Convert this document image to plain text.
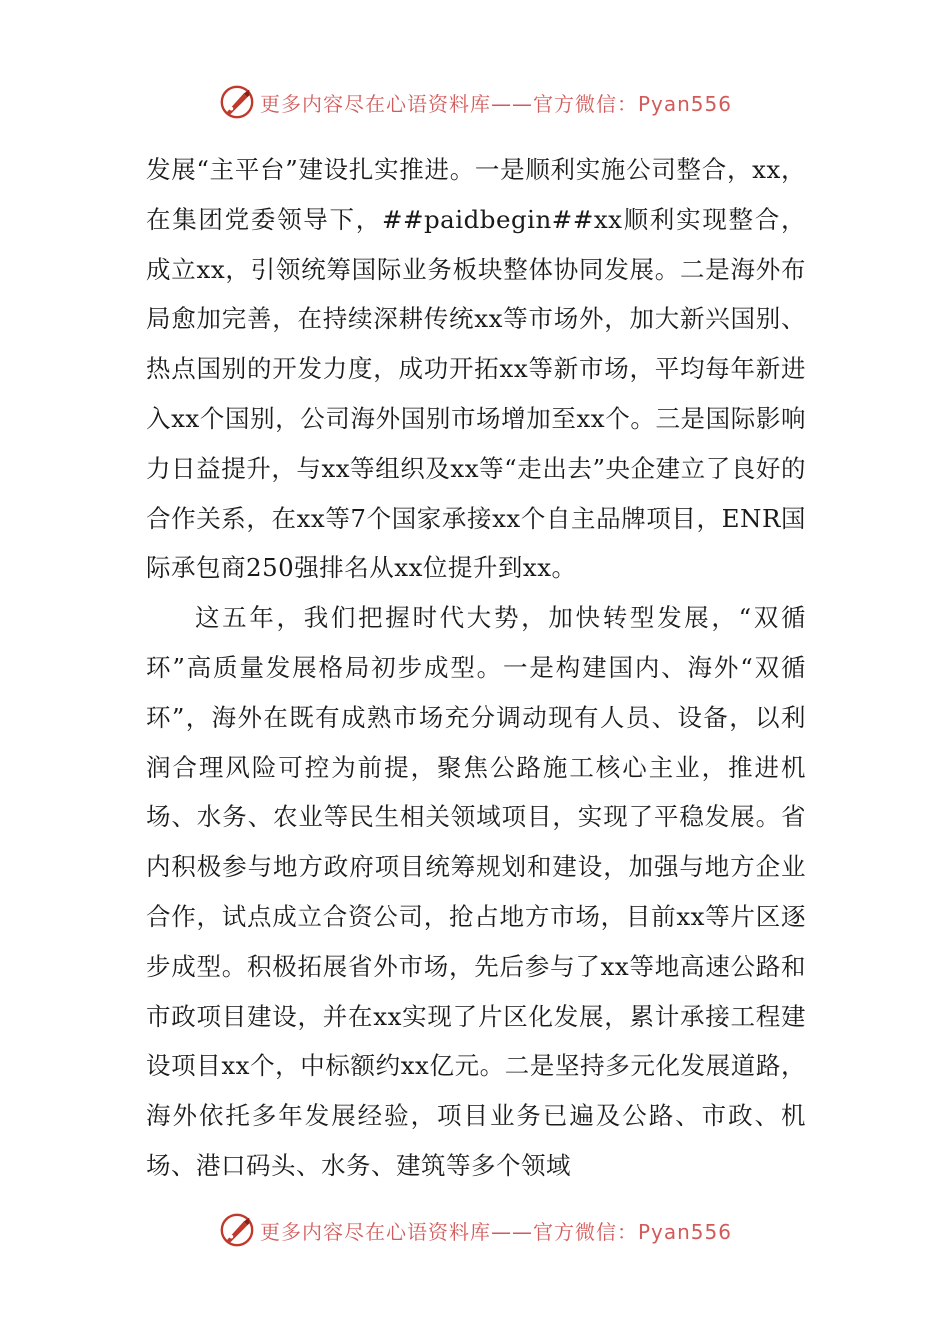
更多内容尽在心语资料库——官方微信：Pyan556

发展“主平台”建设扎实推进。一是顺利实施公司整合，xx，在集团党委领导下，##paidbegin##xx顺利实现整合，成立xx，引领统筹国际业务板块整体协同发展。二是海外布局愈加完善，在持续深耕传统xx等市场外，加大新兴国别、热点国别的开发力度，成功开拓xx等新市场，平均每年新进入xx个国别，公司海外国别市场增加至xx个。三是国际影响力日益提升，与xx等组织及xx等“走出去”央企建立了良好的合作关系，在xx等7个国家承接xx个自主品牌项目，ENR国际承包商250强排名从xx位提升到xx。

这五年，我们把握时代大势，加快转型发展，“双循环”高质量发展格局初步成型。一是构建国内、海外“双循环”，海外在既有成熟市场充分调动现有人员、设备，以利润合理风险可控为前提，聚焦公路施工核心主业，推进机场、水务、农业等民生相关领域项目，实现了平稳发展。省内积极参与地方政府项目统筹规划和建设，加强与地方企业合作，试点成立合资公司，抢占地方市场，目前xx等片区逐步成型。积极拓展省外市场，先后参与了xx等地高速公路和市政项目建设，并在xx实现了片区化发展，累计承接工程建设项目xx个，中标额约xx亿元。二是坚持多元化发展道路，海外依托多年发展经验，项目业务已遍及公路、市政、机场、港口码头、水务、建筑等多个领域

更多内容尽在心语资料库——官方微信：Pyan556
